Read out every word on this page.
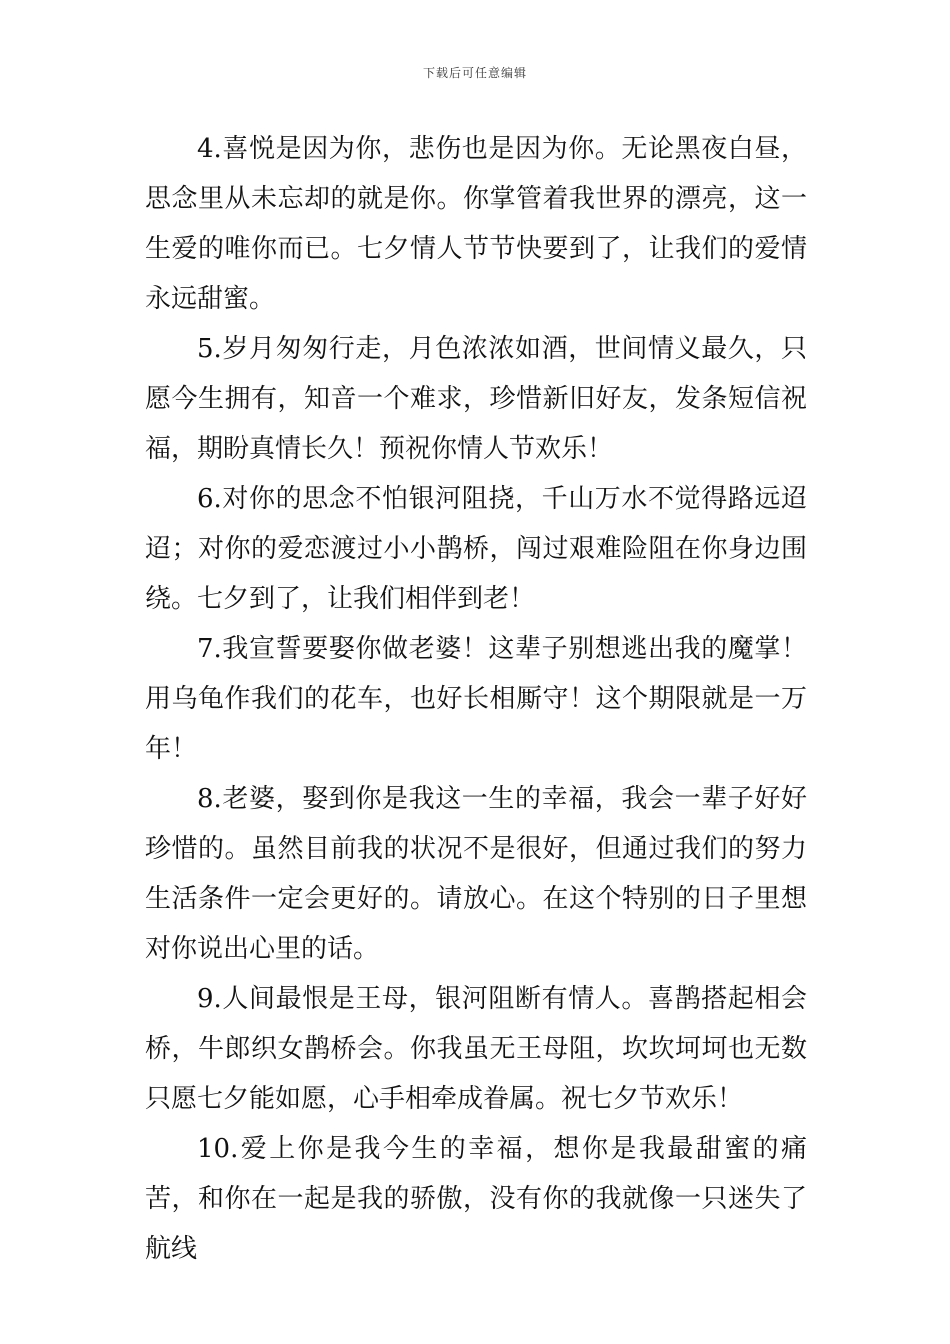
下载后可任意编辑

4.喜悦是因为你，悲伤也是因为你。无论黑夜白昼，思念里从未忘却的就是你。你掌管着我世界的漂亮，这一生爱的唯你而已。七夕情人节节快要到了，让我们的爱情永远甜蜜。

5.岁月匆匆行走，月色浓浓如酒，世间情义最久，只愿今生拥有，知音一个难求，珍惜新旧好友，发条短信祝福，期盼真情长久！预祝你情人节欢乐！

6.对你的思念不怕银河阻挠，千山万水不觉得路远迢迢；对你的爱恋渡过小小鹊桥，闯过艰难险阻在你身边围绕。七夕到了，让我们相伴到老！

7.我宣誓要娶你做老婆！这辈子别想逃出我的魔掌！用乌龟作我们的花车，也好长相厮守！这个期限就是一万年！

8.老婆，娶到你是我这一生的幸福，我会一辈子好好珍惜的。虽然目前我的状况不是很好，但通过我们的努力生活条件一定会更好的。请放心。在这个特别的日子里想对你说出心里的话。

9.人间最恨是王母，银河阻断有情人。喜鹊搭起相会桥，牛郎织女鹊桥会。你我虽无王母阻，坎坎坷坷也无数只愿七夕能如愿，心手相牵成眷属。祝七夕节欢乐！

10.爱上你是我今生的幸福，想你是我最甜蜜的痛苦，和你在一起是我的骄傲，没有你的我就像一只迷失了航线
